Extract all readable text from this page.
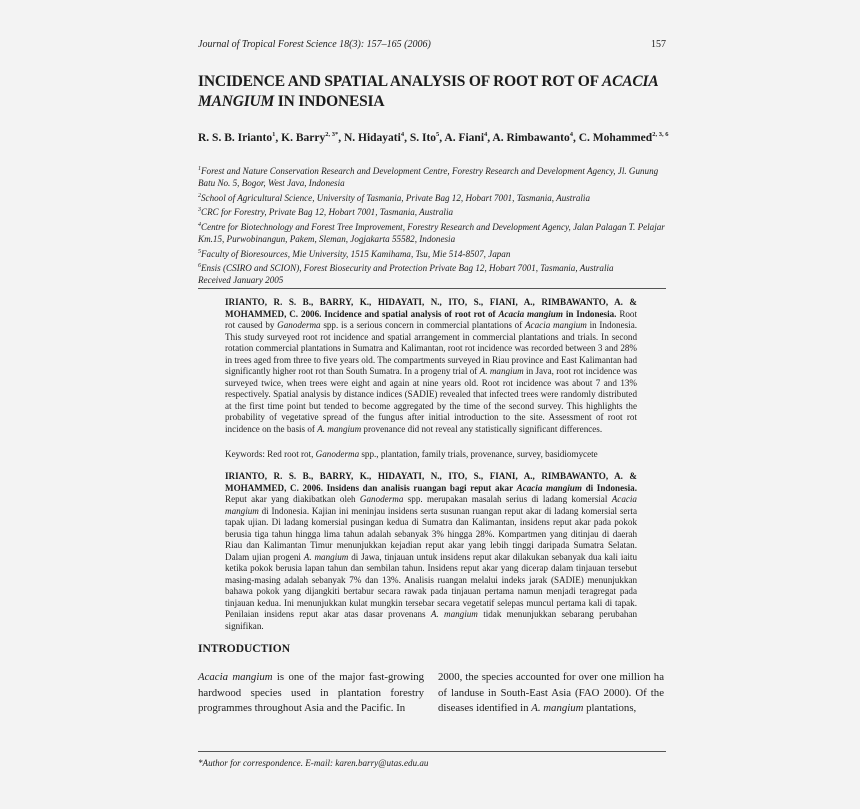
Journal of Tropical Forest Science 18(3): 157–165 (2006)	157
INCIDENCE AND SPATIAL ANALYSIS OF ROOT ROT OF ACACIA MANGIUM IN INDONESIA
R. S. B. Irianto$^1$, K. Barry$^{2, 3*}$, N. Hidayati$^4$, S. Ito$^5$, A. Fiani$^4$, A. Rimbawanto$^4$, C. Mohammed$^{2, 3, 6}$
$^1$Forest and Nature Conservation Research and Development Centre, Forestry Research and Development Agency, Jl. Gunung Batu No. 5, Bogor, West Java, Indonesia
$^2$School of Agricultural Science, University of Tasmania, Private Bag 12, Hobart 7001, Tasmania, Australia
$^3$CRC for Forestry, Private Bag 12, Hobart 7001, Tasmania, Australia
$^4$Centre for Biotechnology and Forest Tree Improvement, Forestry Research and Development Agency, Jalan Palagan T. Pelajar Km.15, Purwobinangun, Pakem, Sleman, Jogjakarta 55582, Indonesia
$^5$Faculty of Bioresources, Mie University, 1515 Kamihama, Tsu, Mie 514-8507, Japan
$^6$Ensis (CSIRO and SCION), Forest Biosecurity and Protection Private Bag 12, Hobart 7001, Tasmania, Australia
Received January 2005
IRIANTO, R. S. B., BARRY, K., HIDAYATI, N., ITO, S., FIANI, A., RIMBAWANTO, A. & MOHAMMED, C. 2006. Incidence and spatial analysis of root rot of Acacia mangium in Indonesia. Root rot caused by Ganoderma spp. is a serious concern in commercial plantations of Acacia mangium in Indonesia. This study surveyed root rot incidence and spatial arrangement in commercial plantations and trials. In second rotation commercial plantations in Sumatra and Kalimantan, root rot incidence was recorded between 3 and 28% in trees aged from three to five years old. The compartments surveyed in Riau province and East Kalimantan had significantly higher root rot than South Sumatra. In a progeny trial of A. mangium in Java, root rot incidence was surveyed twice, when trees were eight and again at nine years old. Root rot incidence was about 7 and 13% respectively. Spatial analysis by distance indices (SADIE) revealed that infected trees were randomly distributed at the first time point but tended to become aggregated by the time of the second survey. This highlights the probability of vegetative spread of the fungus after initial introduction to the site. Assessment of root rot incidence on the basis of A. mangium provenance did not reveal any statistically significant differences.
Keywords: Red root rot, Ganoderma spp., plantation, family trials, provenance, survey, basidiomycete
IRIANTO, R. S. B., BARRY, K., HIDAYATI, N., ITO, S., FIANI, A., RIMBAWANTO, A. & MOHAMMED, C. 2006. Insidens dan analisis ruangan bagi reput akar Acacia mangium di Indonesia. Reput akar yang diakibatkan oleh Ganoderma spp. merupakan masalah serius di ladang komersial Acacia mangium di Indonesia. Kajian ini meninjau insidens serta susunan ruangan reput akar di ladang komersial serta tapak ujian. Di ladang komersial pusingan kedua di Sumatra dan Kalimantan, insidens reput akar pada pokok berusia tiga tahun hingga lima tahun adalah sebanyak 3% hingga 28%. Kompartmen yang ditinjau di daerah Riau dan Kalimantan Timur menunjukkan kejadian reput akar yang lebih tinggi daripada Sumatra Selatan. Dalam ujian progeni A. mangium di Jawa, tinjauan untuk insidens reput akar dilakukan sebanyak dua kali iaitu ketika pokok berusia lapan tahun dan sembilan tahun. Insidens reput akar yang dicerap dalam tinjauan tersebut masing-masing adalah sebanyak 7% dan 13%. Analisis ruangan melalui indeks jarak (SADIE) menunjukkan bahawa pokok yang dijangkiti bertabur secara rawak pada tinjauan pertama namun menjadi teragregat pada tinjauan kedua. Ini menunjukkan kulat mungkin tersebar secara vegetatif selepas muncul pertama kali di tapak. Penilaian insidens reput akar atas dasar provenans A. mangium tidak menunjukkan sebarang perubahan signifikan.
INTRODUCTION
Acacia mangium is one of the major fast-growing hardwood species used in plantation forestry programmes throughout Asia and the Pacific. In
2000, the species accounted for over one million ha of landuse in South-East Asia (FAO 2000). Of the diseases identified in A. mangium plantations,
*Author for correspondence. E-mail: karen.barry@utas.edu.au
